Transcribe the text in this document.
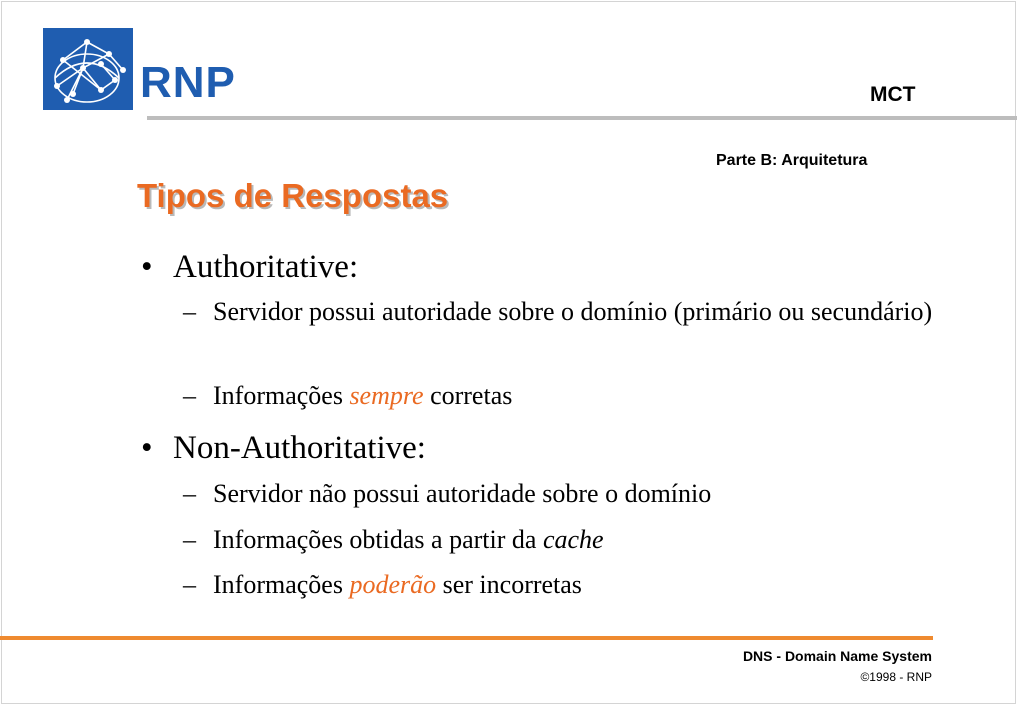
RNP	MCT
Parte B: Arquitetura
Tipos de Respostas
• Authoritative:
– Servidor possui autoridade sobre o domínio (primário ou secundário)
– Informações sempre corretas
• Non-Authoritative:
– Servidor não possui autoridade sobre o domínio
– Informações obtidas a partir da cache
– Informações poderão ser incorretas
DNS - Domain Name System
©1998 - RNP
